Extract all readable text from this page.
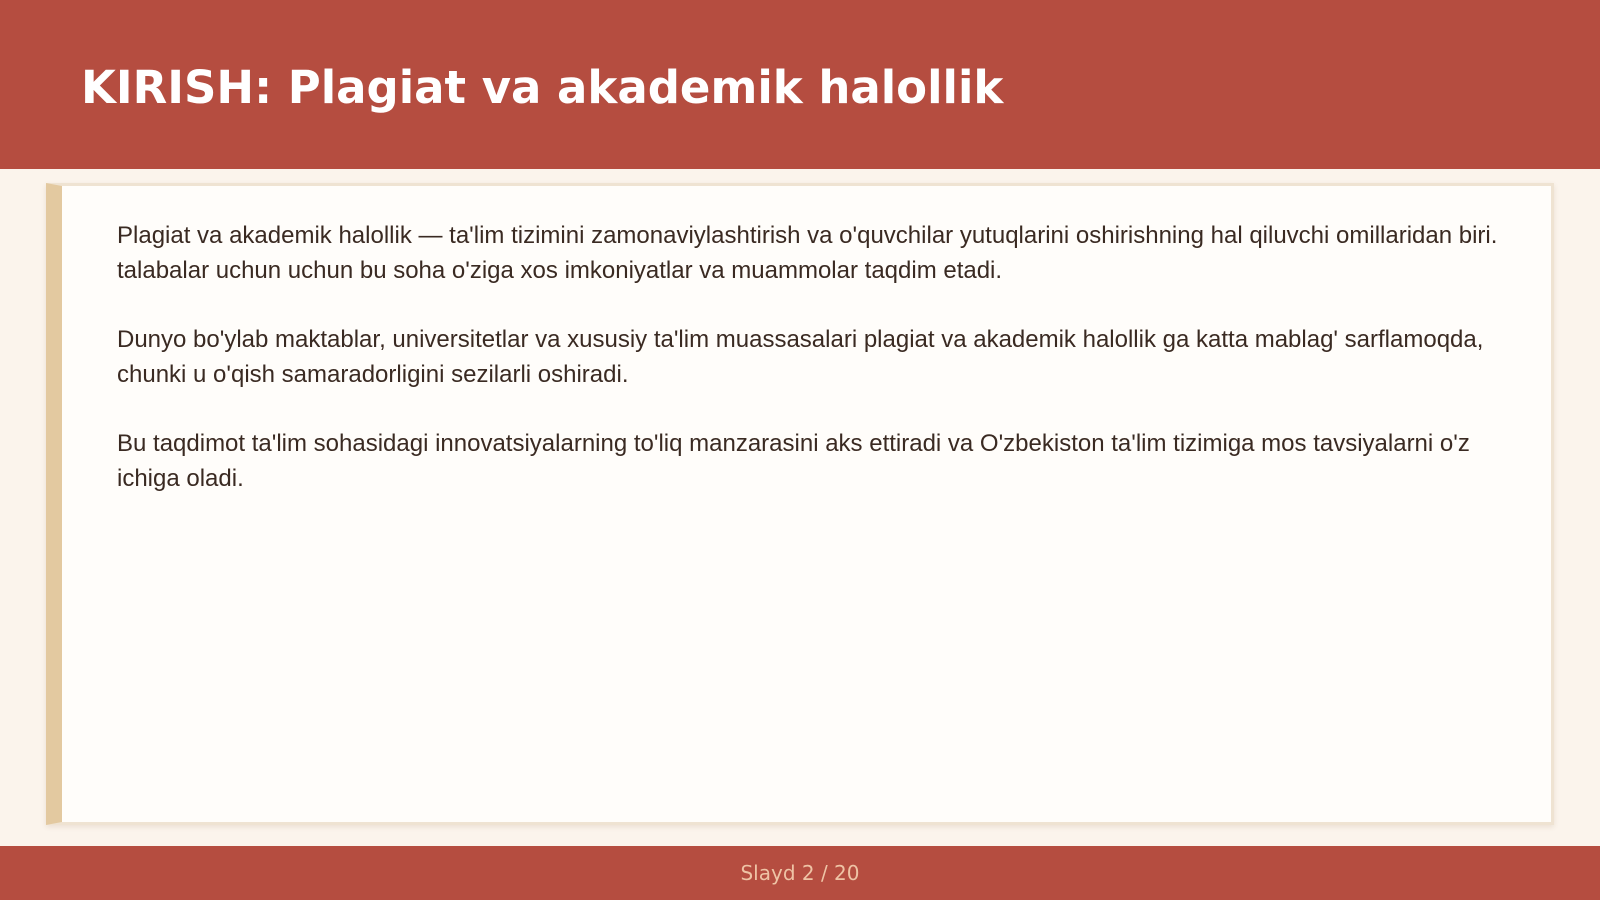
KIRISH: Plagiat va akademik halollik

Plagiat va akademik halollik — ta'lim tizimini zamonaviylashtirish va o'quvchilar yutuqlarini oshirishning hal qiluvchi omillaridan biri. talabalar uchun uchun bu soha o'ziga xos imkoniyatlar va muammolar taqdim etadi.

Dunyo bo'ylab maktablar, universitetlar va xususiy ta'lim muassasalari plagiat va akademik halollik ga katta mablag' sarflamoqda, chunki u o'qish samaradorligini sezilarli oshiradi.

Bu taqdimot ta'lim sohasidagi innovatsiyalarning to'liq manzarasini aks ettiradi va O'zbekiston ta'lim tizimiga mos tavsiyalarni o'z ichiga oladi.

Slayd 2 / 20
